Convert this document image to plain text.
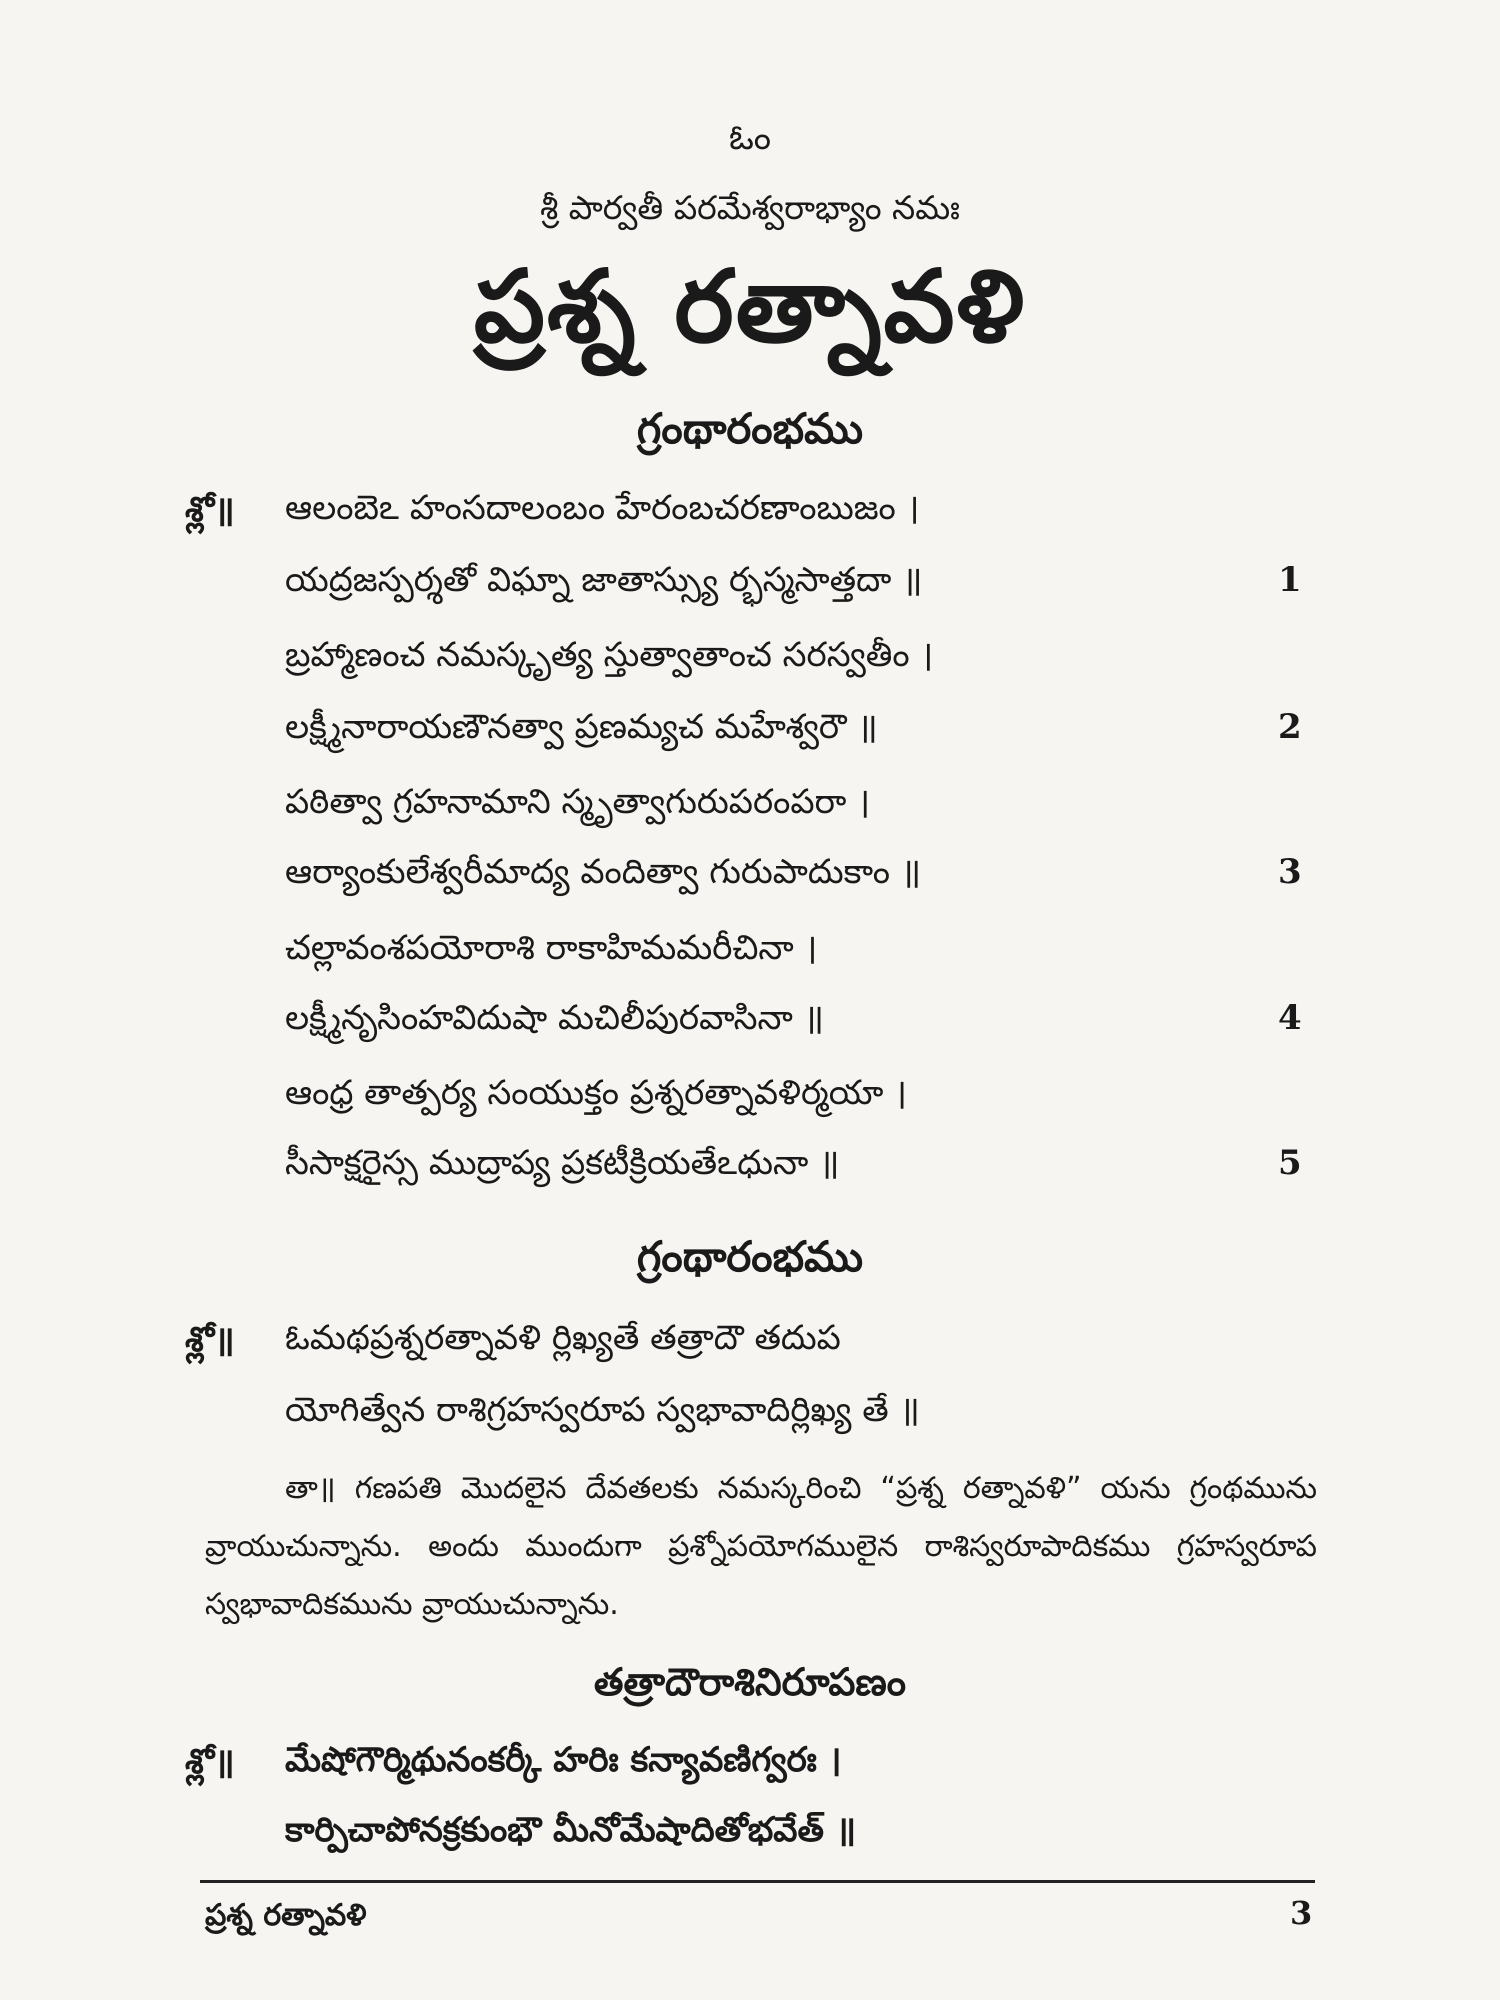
ఓం
శ్రీ పార్వతీ పరమేశ్వరాభ్యాం నమః
ప్రశ్న రత్నావళి
గ్రంథారంభము
శ్లో॥ ఆలంబెఽ హంసదాలంబం హేరంబచరణాంబుజం ।
యద్రజస్పర్శతో విఘ్నా జాతాస్స్యు ర్భస్మసాత్తదా ॥	1
బ్రహ్మాణంచ నమస్కృత్య స్తుత్వాతాంచ సరస్వతీం ।
లక్ష్మీనారాయణౌనత్వా ప్రణమ్యచ మహేశ్వరౌ ॥	2
పఠిత్వా గ్రహనామాని స్మృత్వాగురుపరంపరా ।
ఆర్యాంకులేశ్వరీమాద్య వందిత్వా గురుపాదుకాం ॥	3
చల్లావంశపయోరాశి రాకాహిమమరీచినా ।
లక్ష్మీనృసింహవిదుషా మచిలీపురవాసినా ॥	4
ఆంధ్ర తాత్పర్య సంయుక్తం ప్రశ్నరత్నావళిర్మయా ।
సీసాక్షరైస్స ముద్రాప్య ప్రకటీక్రియతేఽధునా ॥	5
గ్రంథారంభము
శ్లో॥ ఓమథప్రశ్నరత్నావళి ర్లిఖ్యతే తత్రాదౌ తదుప
యోగిత్వేన రాశిగ్రహస్వరూప స్వభావాదిర్లిఖ్య తే ॥
తా॥ గణపతి మొదలైన దేవతలకు నమస్కరించి “ప్రశ్న రత్నావళి” యను గ్రంథమును వ్రాయుచున్నాను. అందు ముందుగా ప్రశ్నోపయోగములైన రాశిస్వరూపాదికము గ్రహస్వరూప స్వభావాదికమును వ్రాయుచున్నాను.
తత్రాదౌరాశినిరూపణం
శ్లో॥ మేషోగౌర్మిథునంకర్కీ హరిః కన్యావణిగ్వరః ।
కార్పిచాపోనక్రకుంభౌ మీనోమేషాదితోభవేత్ ॥
ప్రశ్న రత్నావళి	3
